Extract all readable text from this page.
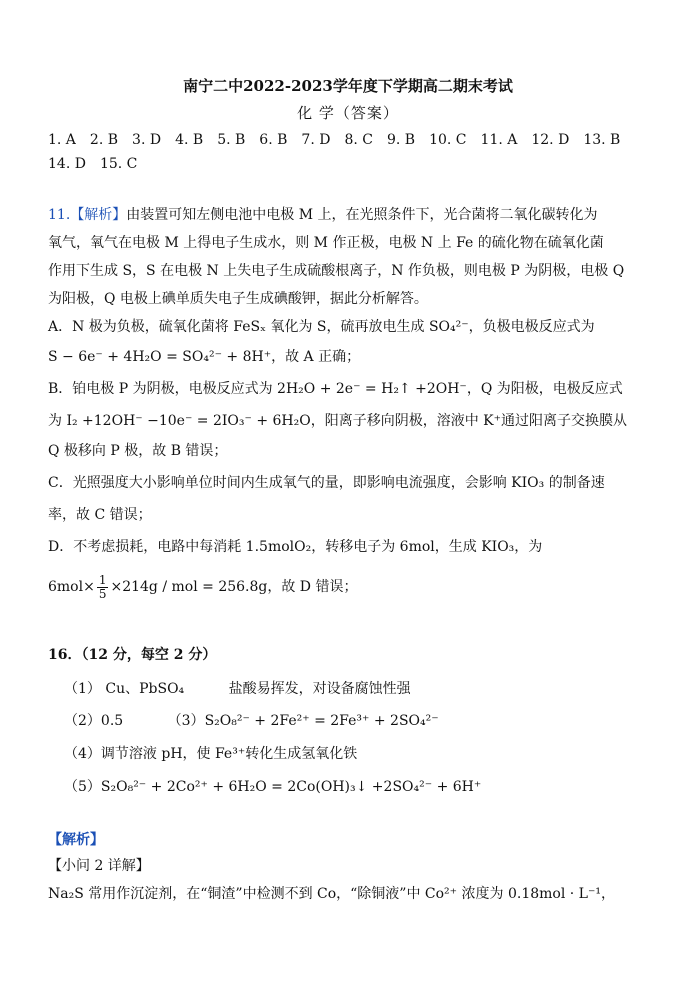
南宁二中2022-2023学年度下学期高二期末考试
化 学（答案）
1. A 2. B 3. D 4. B 5. B 6. B 7. D 8. C 9. B 10. C 11. A 12. D 13. B
14. D 15. C
11.【解析】由装置可知左侧电池中电极 M 上，在光照条件下，光合菌将二氧化碳转化为
氧气，氧气在电极 M 上得电子生成水，则 M 作正极，电极 N 上 Fe 的硫化物在硫氧化菌
作用下生成 S，S 在电极 N 上失电子生成硫酸根离子，N 作负极，则电极 P 为阴极，电极 Q
为阳极，Q 电极上碘单质失电子生成碘酸钾，据此分析解答。
A．N 极为负极，硫氧化菌将 FeSₓ 氧化为 S，硫再放电生成 SO₄²⁻，负极电极反应式为
S − 6e⁻ + 4H₂O = SO₄²⁻ + 8H⁺，故 A 正确；
B．铂电极 P 为阴极，电极反应式为 2H₂O + 2e⁻ = H₂↑ +2OH⁻，Q 为阳极，电极反应式
为 I₂ +12OH⁻ −10e⁻ = 2IO₃⁻ + 6H₂O，阳离子移向阴极，溶液中 K⁺通过阳离子交换膜从
Q 极移向 P 极，故 B 错误；
C．光照强度大小影响单位时间内生成氧气的量，即影响电流强度，会影响 KIO₃ 的制备速
率，故 C 错误；
D．不考虑损耗，电路中每消耗 1.5molO₂，转移电子为 6mol，生成 KIO₃，为
$6mol\times \frac{1}{5} \times 214g$ / mol = 256.8g，故 D 错误；
16．（12 分，每空 2 分）
（1） Cu、PbSO₄	盐酸易挥发，对设备腐蚀性强
（2）0.5	（3）S₂O₈²⁻ + 2Fe²⁺ = 2Fe³⁺ + 2SO₄²⁻
（4）调节溶液 pH，使 Fe³⁺转化生成氢氧化铁
（5）S₂O₈²⁻ + 2Co²⁺ + 6H₂O = 2Co(OH)₃↓ +2SO₄²⁻ + 6H⁺
【解析】
【小问 2 详解】
Na₂S 常用作沉淀剂，在“铜渣”中检测不到 Co，“除铜液”中 Co²⁺ 浓度为 0.18mol · L⁻¹，
